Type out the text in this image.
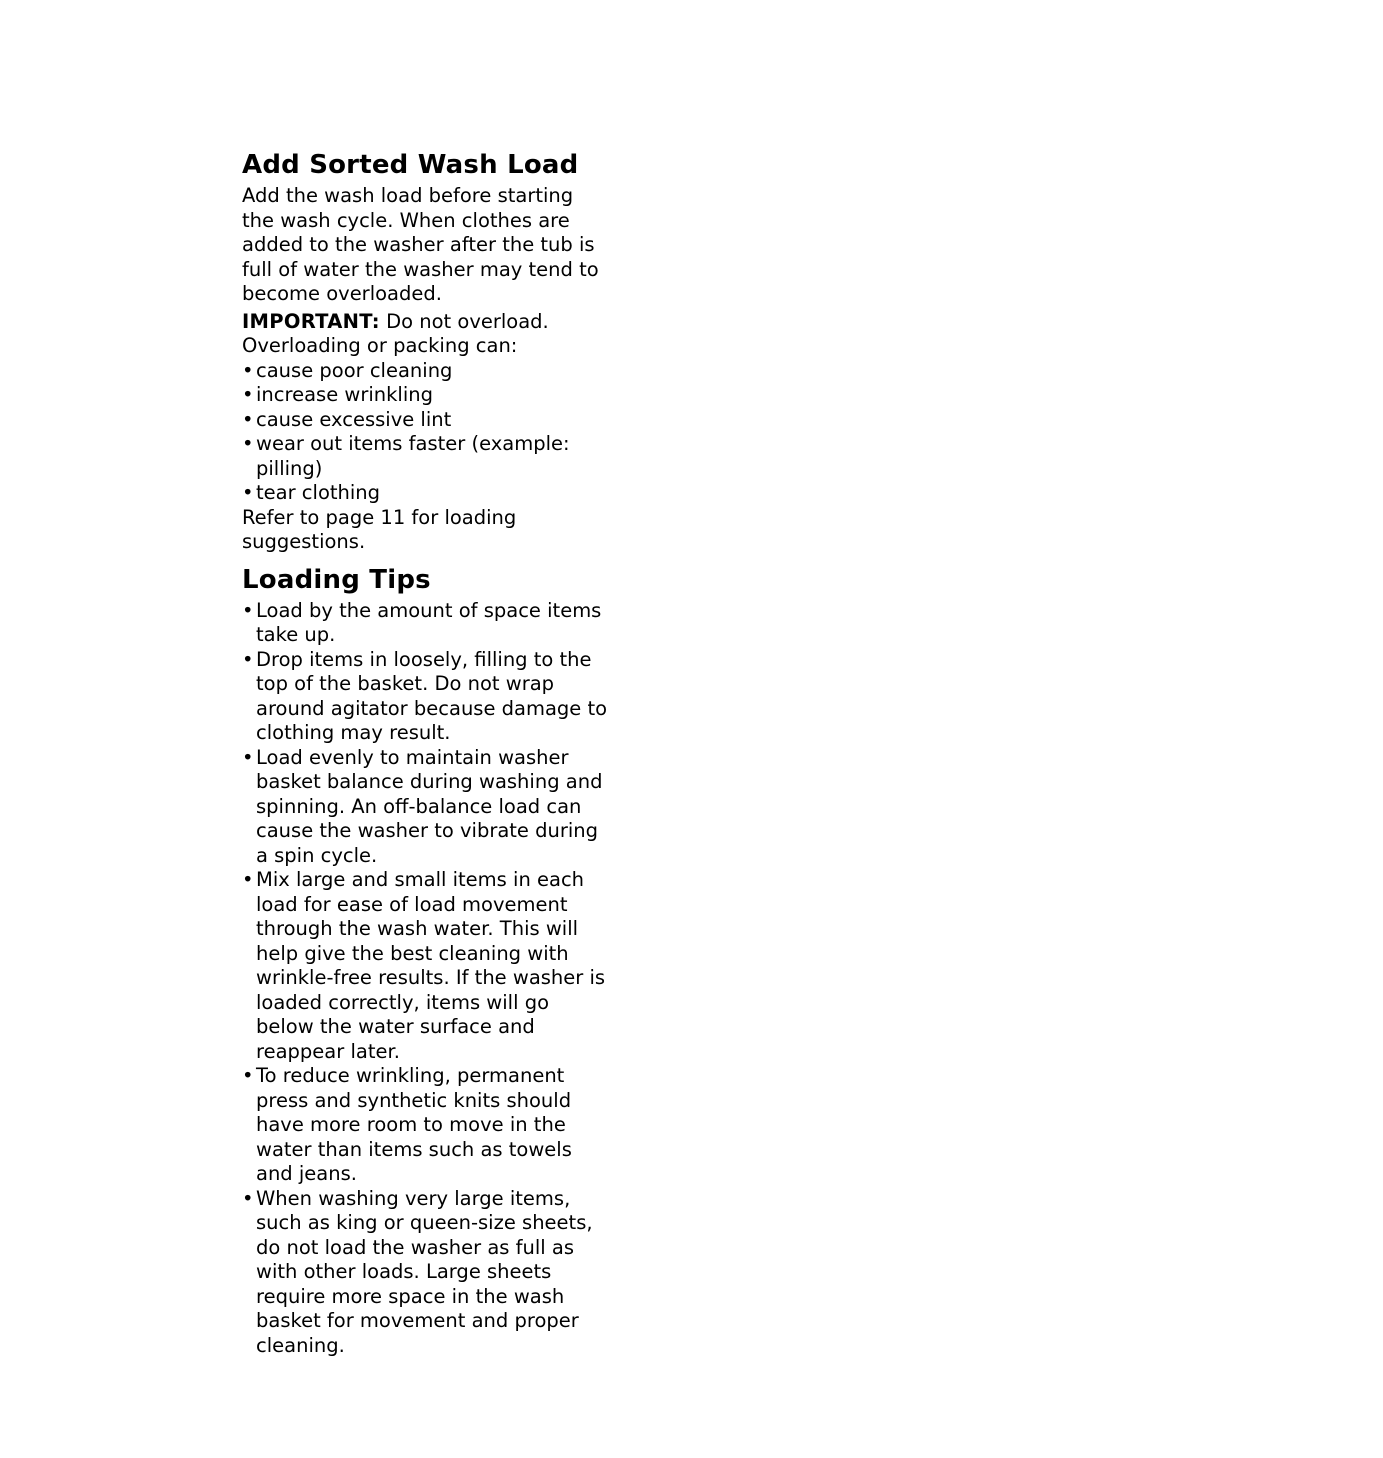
Add Sorted Wash Load

Add the wash load before starting
the wash cycle. When clothes are
added to the washer after the tub is
full of water the washer may tend to
become overloaded.

IMPORTANT: Do not overload.

Overloading or packing can:

• cause poor cleaning
• increase wrinkling
• cause excessive lint
• wear out items faster (example:
pilling)
• tear clothing

Refer to page 11 for loading
suggestions.

Loading Tips
• Load by the amount of space items
take up.
• Drop items in loosely, filling to the
top of the basket. Do not wrap
around agitator because damage to
clothing may result.
• Load evenly to maintain washer
basket balance during washing and
spinning. An off-balance load can
cause the washer to vibrate during
a spin cycle.
• Mix large and small items in each
load for ease of load movement
through the wash water. This will
help give the best cleaning with
wrinkle-free results. If the washer is
loaded correctly, items will go
below the water surface and
reappear later.
• To reduce wrinkling, permanent
press and synthetic knits should
have more room to move in the
water than items such as towels
and jeans.
• When washing very large items,
such as king or queen-size sheets,
do not load the washer as full as
with other loads. Large sheets
require more space in the wash
basket for movement and proper
cleaning.
